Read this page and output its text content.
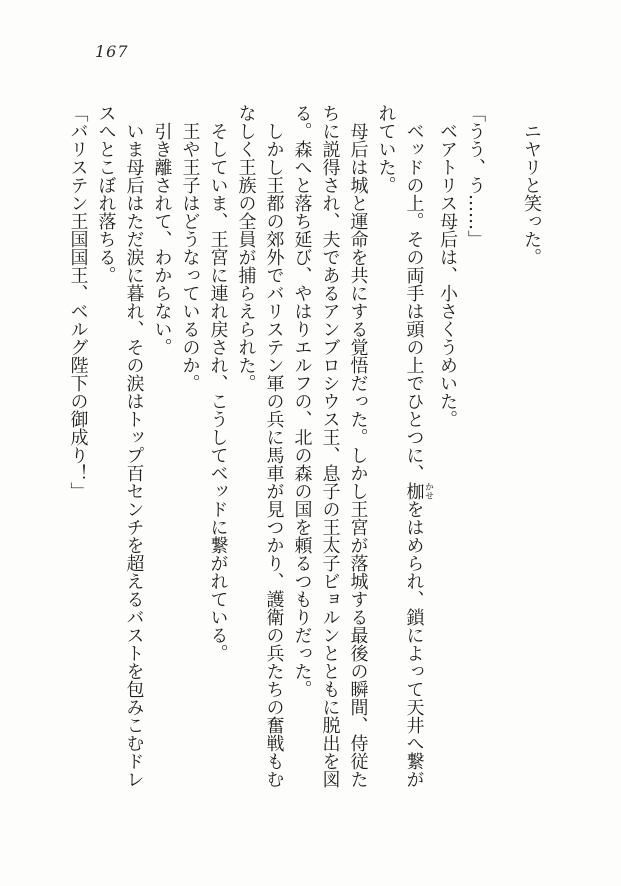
167

ニヤリと笑った。

「うう、う……」

ベアトリス母后は、小さくうめいた。

ベッドの上。その両手は頭の上でひとつに、枷かせをはめられ、鎖によって天井へ繋がれていた。

母后は城と運命を共にする覚悟だった。しかし王宮が落城する最後の瞬間、侍従たちに説得され、夫であるアンブロシウス王、息子の王太子ビョルンとともに脱出を図る。森へと落ち延び、やはりエルフの、北の森の国を頼るつもりだった。

しかし王都の郊外でバリステン軍の兵に馬車が見つかり、護衛の兵たちの奮戦もむなしく王族の全員が捕らえられた。

そしていま、王宮に連れ戻され、こうしてベッドに繋がれている。

王や王子はどうなっているのか。

引き離されて、わからない。

いま母后はただ涙に暮れ、その涙はトップ百センチを超えるバストを包みこむドレスへとこぼれ落ちる。

「バリステン王国国王、ベルグ陛下の御成り！」
